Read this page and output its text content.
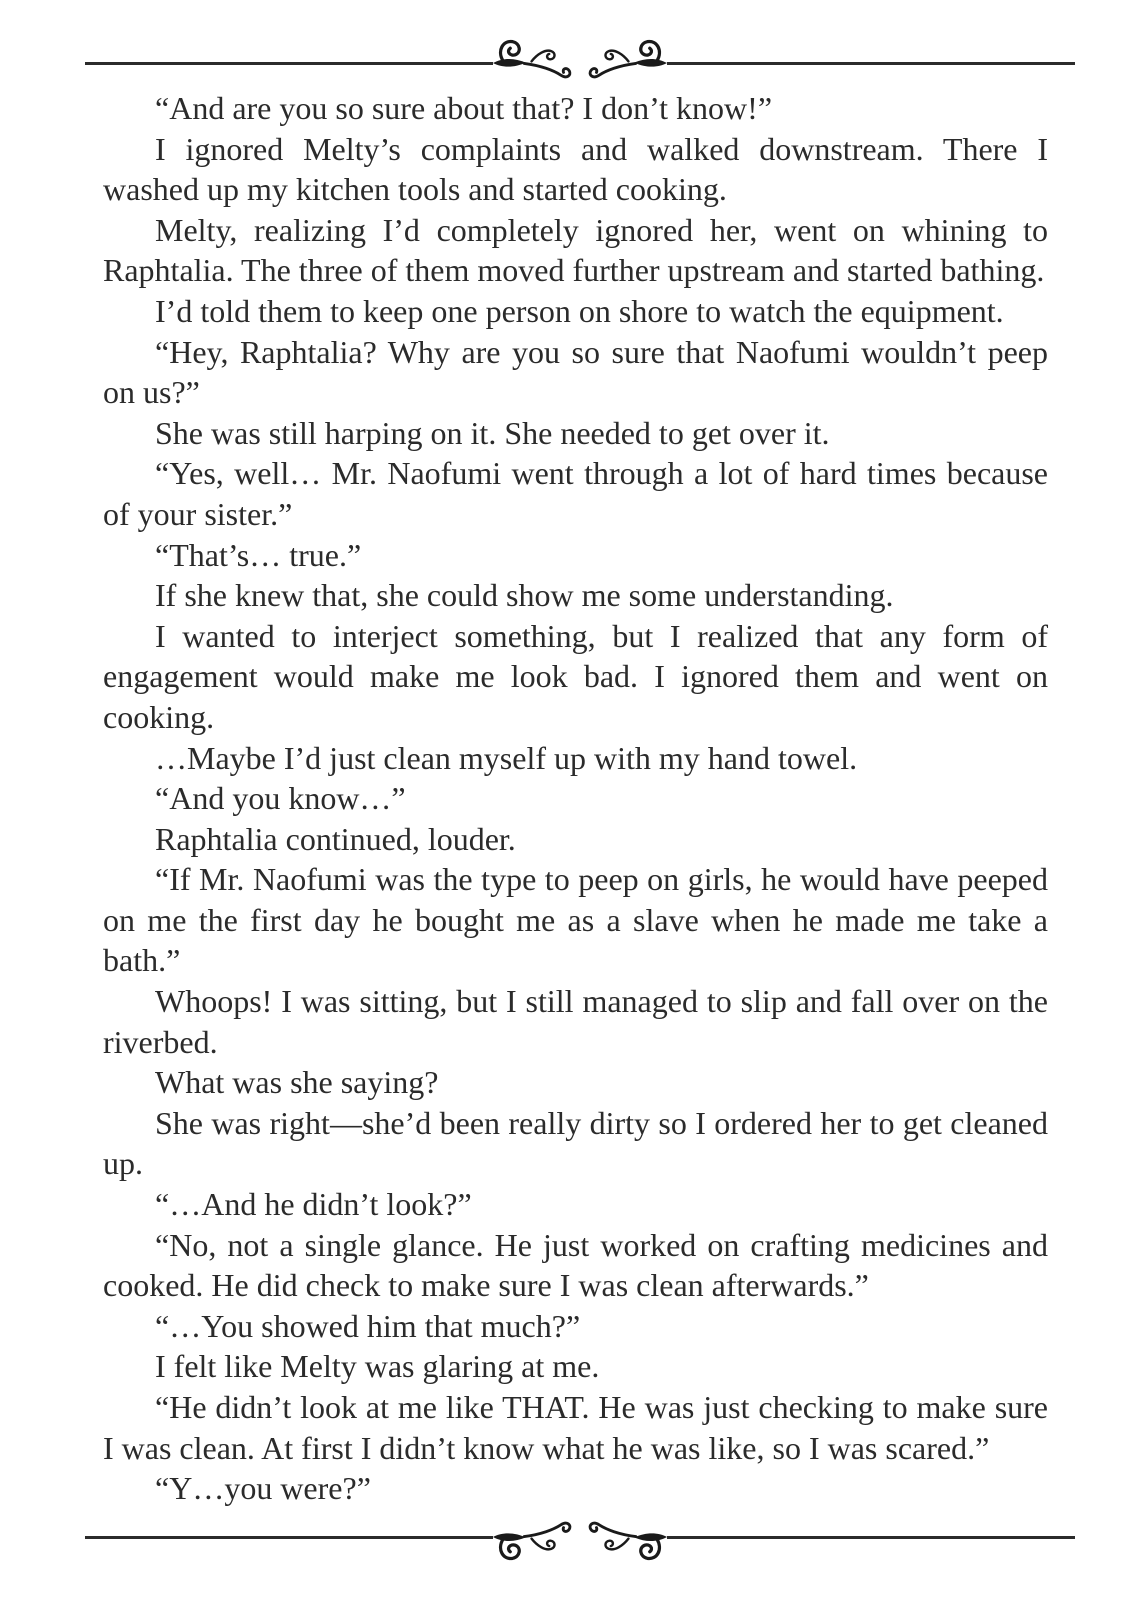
“And are you so sure about that? I don’t know!”

I ignored Melty’s complaints and walked downstream. There I washed up my kitchen tools and started cooking.

Melty, realizing I’d completely ignored her, went on whining to Raphtalia. The three of them moved further upstream and started bathing.

I’d told them to keep one person on shore to watch the equipment.

“Hey, Raphtalia? Why are you so sure that Naofumi wouldn’t peep on us?”

She was still harping on it. She needed to get over it.

“Yes, well… Mr. Naofumi went through a lot of hard times because of your sister.”

“That’s… true.”

If she knew that, she could show me some understanding.

I wanted to interject something, but I realized that any form of engagement would make me look bad. I ignored them and went on cooking.

…Maybe I’d just clean myself up with my hand towel.

“And you know…”

Raphtalia continued, louder.

“If Mr. Naofumi was the type to peep on girls, he would have peeped on me the first day he bought me as a slave when he made me take a bath.”

Whoops! I was sitting, but I still managed to slip and fall over on the riverbed.

What was she saying?

She was right—she’d been really dirty so I ordered her to get cleaned up.

“…And he didn’t look?”

“No, not a single glance. He just worked on crafting medicines and cooked. He did check to make sure I was clean afterwards.”

“…You showed him that much?”

I felt like Melty was glaring at me.

“He didn’t look at me like THAT. He was just checking to make sure I was clean. At first I didn’t know what he was like, so I was scared.”

“Y…you were?”
